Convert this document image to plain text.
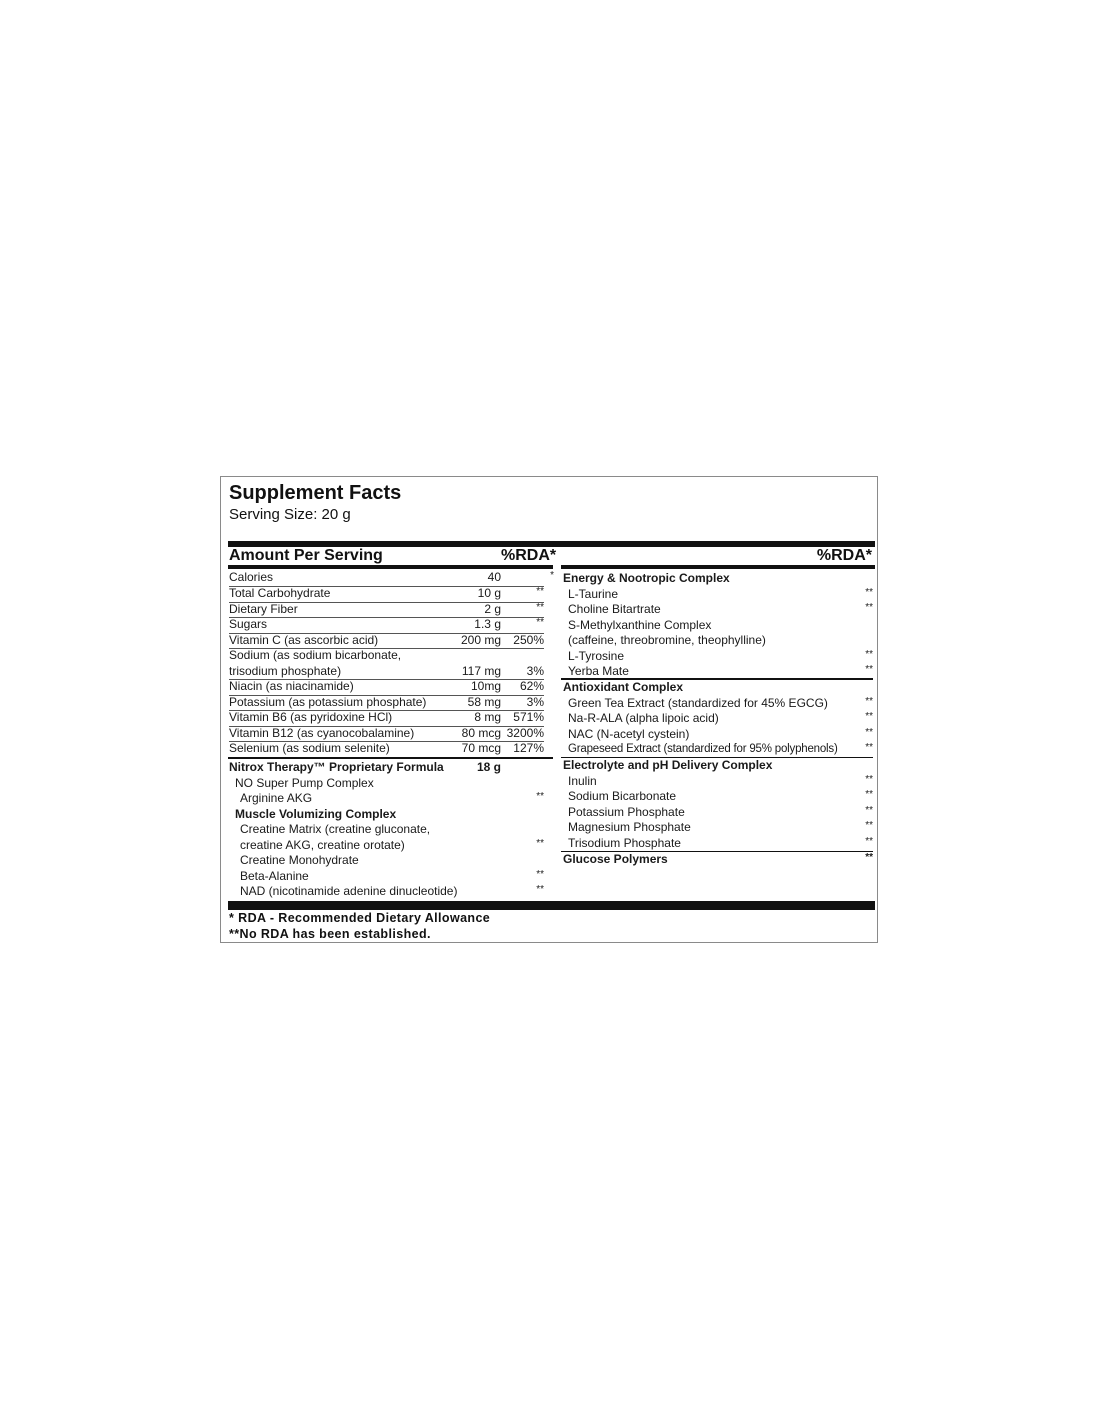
Supplement Facts
Serving Size: 20 g
Amount Per Serving	%RDA*	%RDA*
Calories	40	*
Total Carbohydrate	10 g	**
Dietary Fiber	2 g	**
Sugars	1.3 g	**
Vitamin C (as ascorbic acid)	200 mg	250%
Sodium (as sodium bicarbonate,
trisodium phosphate)	117 mg	3%
Niacin (as niacinamide)	10mg	62%
Potassium (as potassium phosphate)	58 mg	3%
Vitamin B6 (as pyridoxine HCl)	8 mg	571%
Vitamin B12 (as cyanocobalamine)	80 mcg 3200%
Selenium (as sodium selenite)	70 mcg	127%
Nitrox Therapy™ Proprietary Formula	18 g
NO Super Pump Complex
Arginine AKG	**
Muscle Volumizing Complex
Creatine Matrix (creatine gluconate,
creatine AKG, creatine orotate)	**
Creatine Monohydrate
Beta-Alanine	**
NAD (nicotinamide adenine dinucleotide)	**
Energy & Nootropic Complex
L-Taurine	**
Choline Bitartrate	**
S-Methylxanthine Complex
(caffeine, threobromine, theophylline)
L-Tyrosine	**
Yerba Mate	**
Antioxidant Complex
Green Tea Extract (standardized for 45% EGCG)	**
Na-R-ALA (alpha lipoic acid)	**
NAC (N-acetyl cystein)	**
Grapeseed Extract (standardized for 95% polyphenols)	**
Electrolyte and pH Delivery Complex
Inulin	**
Sodium Bicarbonate	**
Potassium Phosphate	**
Magnesium Phosphate	**
Trisodium Phosphate	**
Glucose Polymers	**
* RDA - Recommended Dietary Allowance
**No RDA has been established.
